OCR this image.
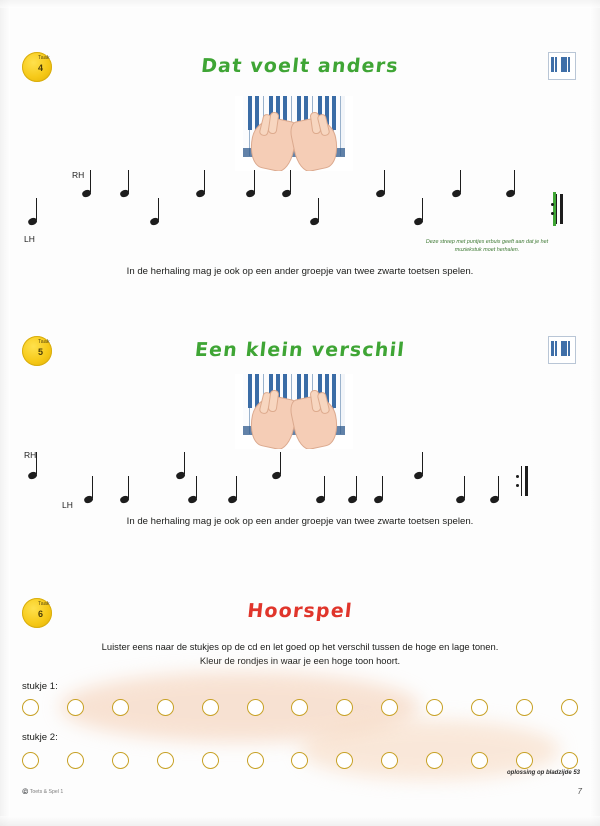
Taak
4	Dat voelt anders
RH
LH	Deze streep met puntjes erbuis geeft aan dat je het muziekstuk moet herhalen.
In de herhaling mag je ook op een ander groepje van twee zwarte toetsen spelen.
Taak
5	Een klein verschil
RH
LH
In de herhaling mag je ook op een ander groepje van twee zwarte toetsen spelen.
Taak
6	Hoorspel
Luister eens naar de stukjes op de cd en let goed op het verschil tussen de hoge en lage tonen.
Kleur de rondjes in waar je een hoge toon hoort.
stukje 1:
stukje 2:
oplossing op bladzijde 53
©️ Toets & Spel 1	7
